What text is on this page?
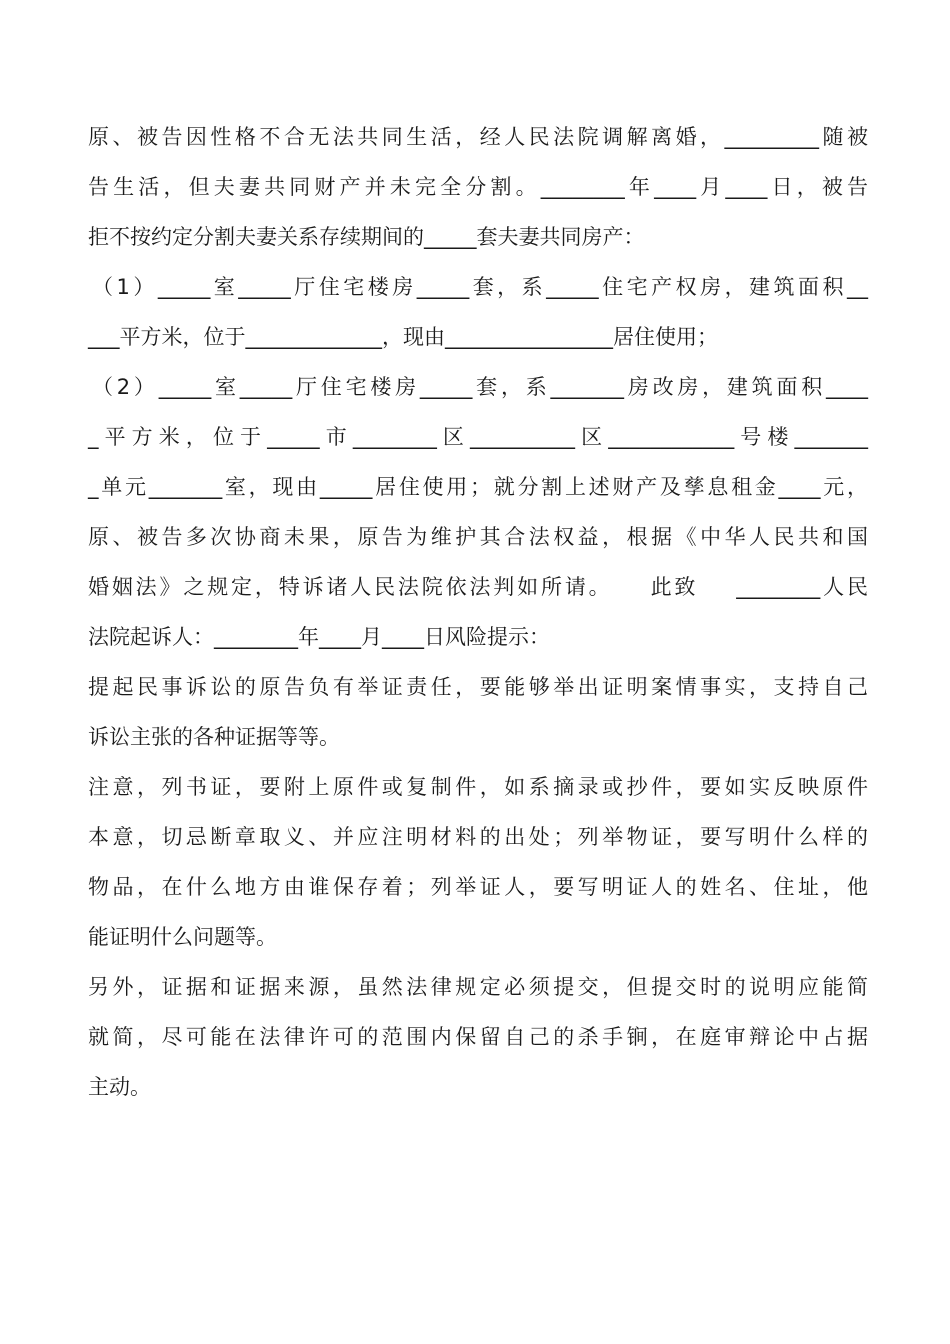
原、被告因性格不合无法共同生活，经人民法院调解离婚，_________随被
告生活，但夫妻共同财产并未完全分割。________年____月____日，被告
拒不按约定分割夫妻关系存续期间的_____套夫妻共同房产：
（1）_____室_____厅住宅楼房_____套，系_____住宅产权房，建筑面积__
___平方米，位于_____________，现由________________居住使用；
（2）_____室_____厅住宅楼房_____套，系_______房改房，建筑面积____
_平方米，位于_____市________区__________区____________号楼_______
_单元_______室，现由_____居住使用；就分割上述财产及孳息租金____元，
原、被告多次协商未果，原告为维护其合法权益，根据《中华人民共和国
婚姻法》之规定，特诉诸人民法院依法判如所请。    此致    ________人民
法院起诉人：________年____月____日风险提示：
提起民事诉讼的原告负有举证责任，要能够举出证明案情事实，支持自己
诉讼主张的各种证据等等。
注意，列书证，要附上原件或复制件，如系摘录或抄件，要如实反映原件
本意，切忌断章取义、并应注明材料的出处；列举物证，要写明什么样的
物品，在什么地方由谁保存着；列举证人，要写明证人的姓名、住址，他
能证明什么问题等。
另外，证据和证据来源，虽然法律规定必须提交，但提交时的说明应能简
就简，尽可能在法律许可的范围内保留自己的杀手锏，在庭审辩论中占据
主动。
